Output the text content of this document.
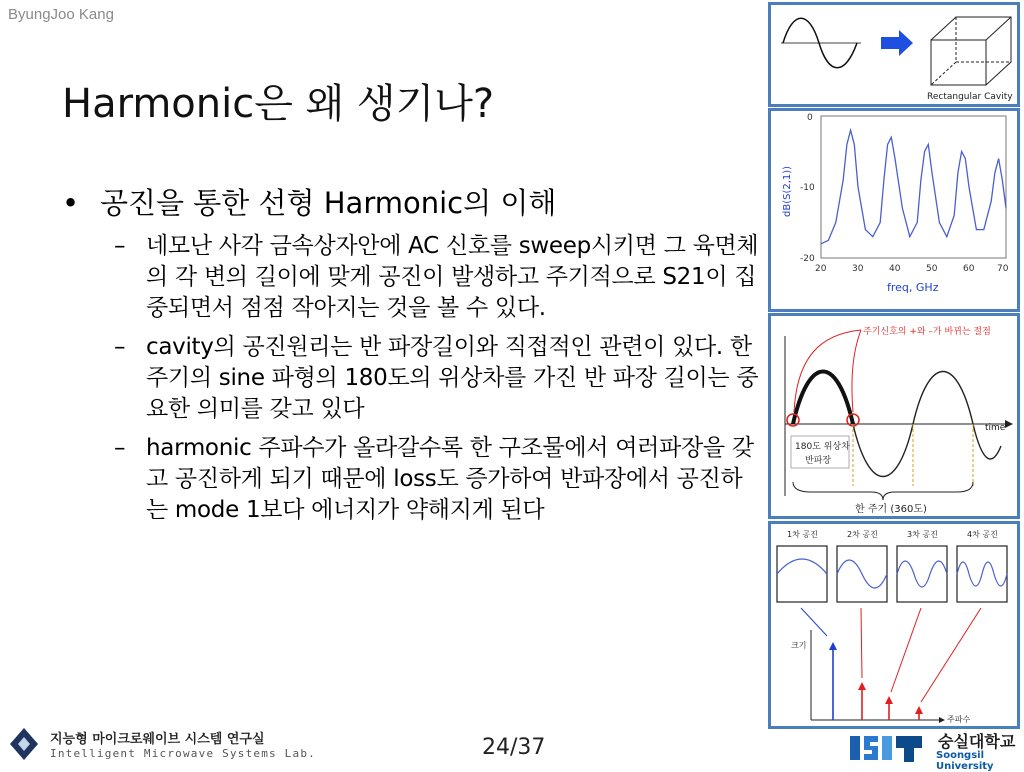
ByungJoo Kang
Harmonic은 왜 생기나?
• 공진을 통한 선형 Harmonic의 이해
– 네모난 사각 금속상자안에 AC 신호를 sweep시키면 그 육면체의 각 변의 길이에 맞게 공진이 발생하고 주기적으로 S21이 집중되면서 점점 작아지는 것을 볼 수 있다.
– cavity의 공진원리는 반 파장길이와 직접적인 관련이 있다. 한 주기의 sine 파형의 180도의 위상차를 가진 반 파장 길이는 중요한 의미를 갖고 있다
– harmonic 주파수가 올라갈수록 한 구조물에서 여러파장을 갖고 공진하게 되기 때문에 loss도 증가하여 반파장에서 공진하는 mode 1보다 에너지가 약해지게 된다
Rectangular Cavity
0
-10
-20
20	30	40	50	60	70
freq, GHz
dB(S(2,1))
주기신호의 +와 –가 바뀌는 절점
time
180도 위상차
반파장
한 주기 (360도)
1차 공진	2차 공진	3차 공진	4차 공진
크기
주파수
지능형 마이크로웨이브 시스템 연구실
Intelligent Microwave Systems Lab.	24/37	숭실대학교
Soongsil University
